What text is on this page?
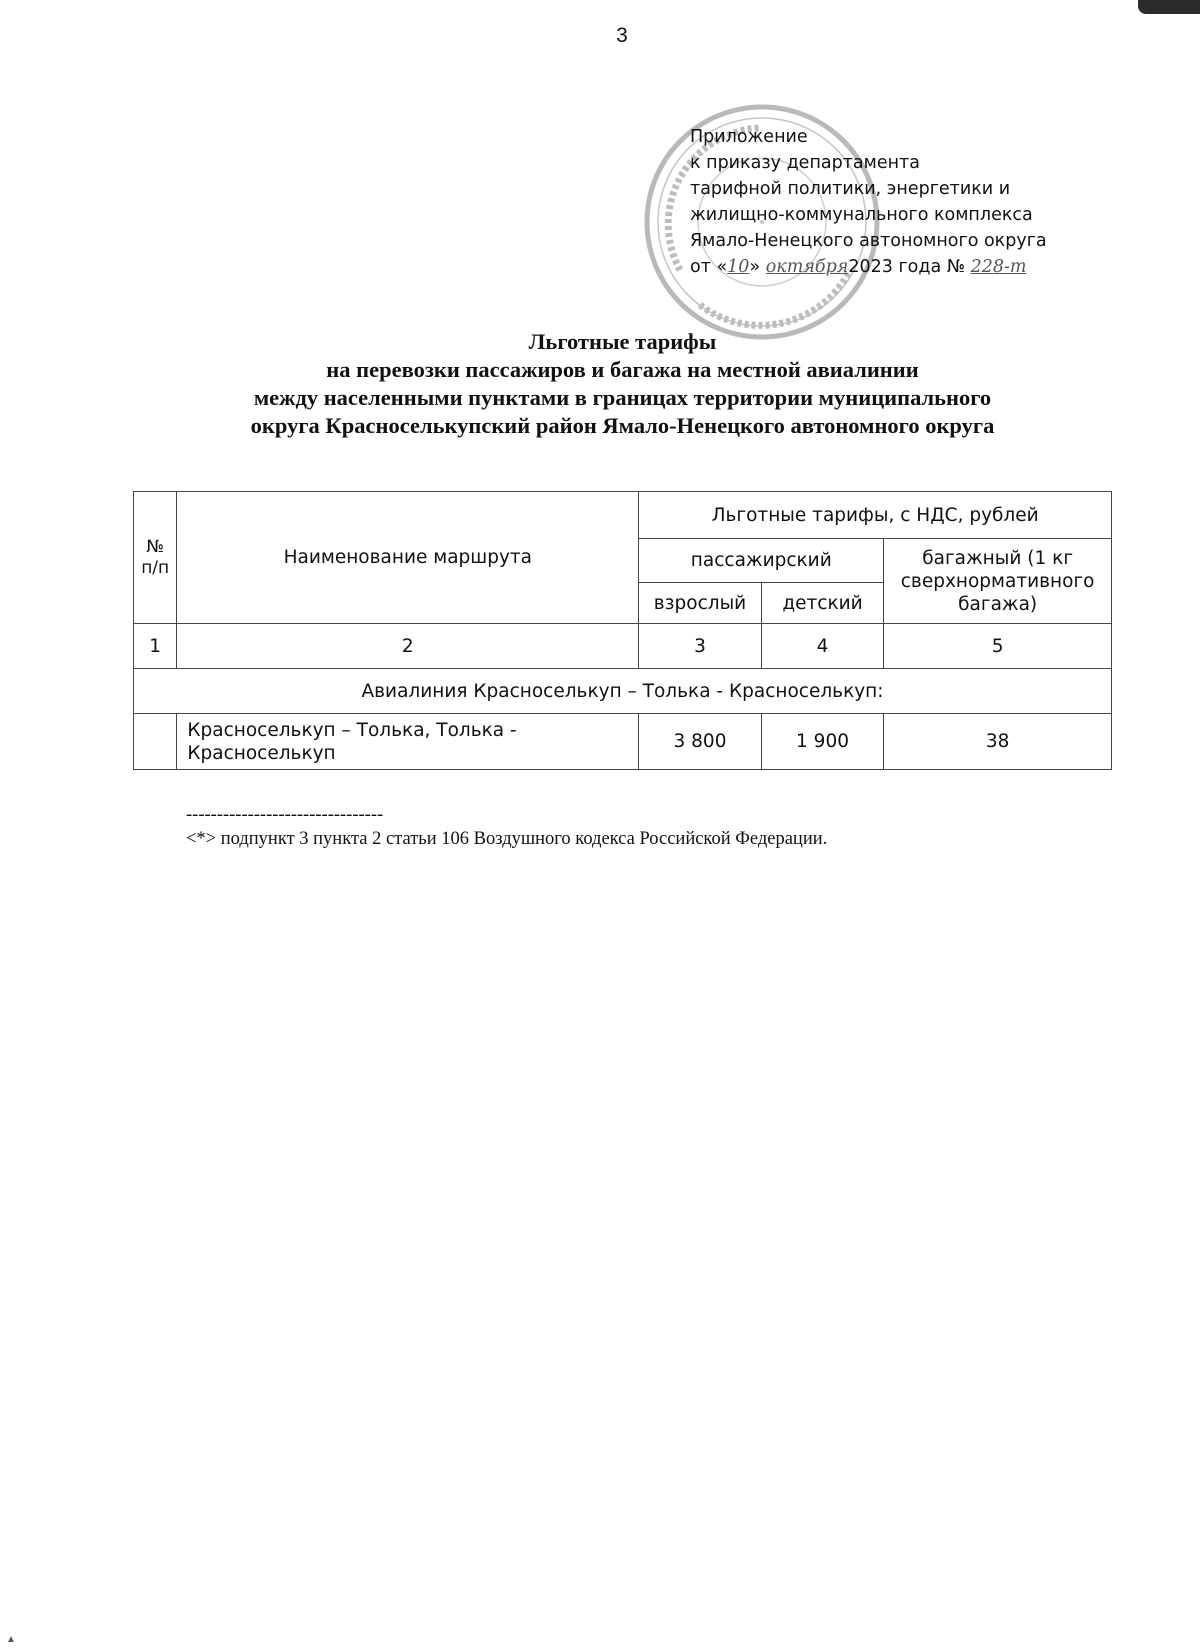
3
Приложение
к приказу департамента
тарифной политики, энергетики и
жилищно-коммунального комплекса
Ямало-Ненецкого автономного округа
от «10» октября2023 года № 228-т
Льготные тарифы
на перевозки пассажиров и багажа на местной авиалинии
между населенными пунктами в границах территории муниципального
округа Красноселькупский район Ямало-Ненецкого автономного округа
№ п/п	Наименование маршрута	Льготные тарифы, с НДС, рублей		
		пассажирский		багажный (1 кг сверхнормативного багажа)
		взрослый	детский	
1	2	3	4	5
Авиалиния Красноселькуп – Толька - Красноселькуп:				
	Красноселькуп – Толька, Толька - Красноселькуп	3 800	1 900	38
--------------------------------
<*> подпункт 3 пункта 2 статьи 106 Воздушного кодекса Российской Федерации.
▲
